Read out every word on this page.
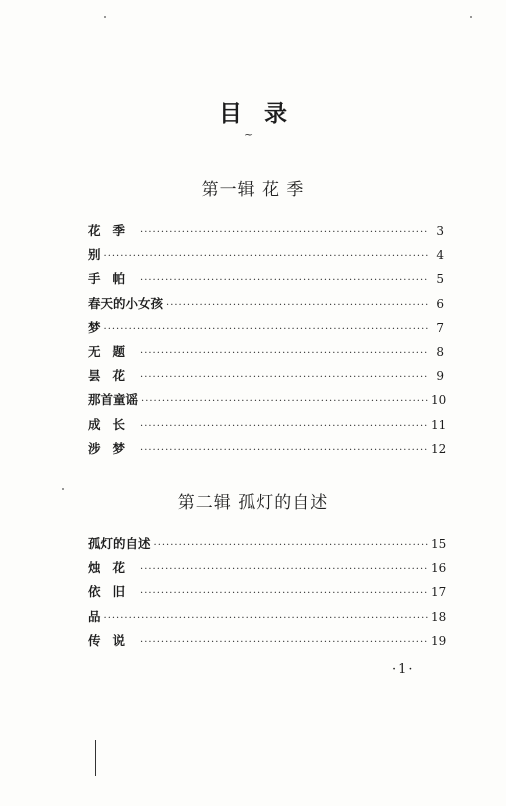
目录
~
第一辑 花 季
花季 ·····	3
别 ·····	4
手帕 ·····	5
春天的小女孩 ·····	6
梦 ·····	7
无题 ·····	8
昙花 ·····	9
那首童谣 ·····	10
成长 ·····	11
涉梦 ·····	12
第二辑 孤灯的自述
孤灯的自述 ·····	15
烛花 ·····	16
依旧 ·····	17
品 ·····	18
传说 ·····	19
·1·
